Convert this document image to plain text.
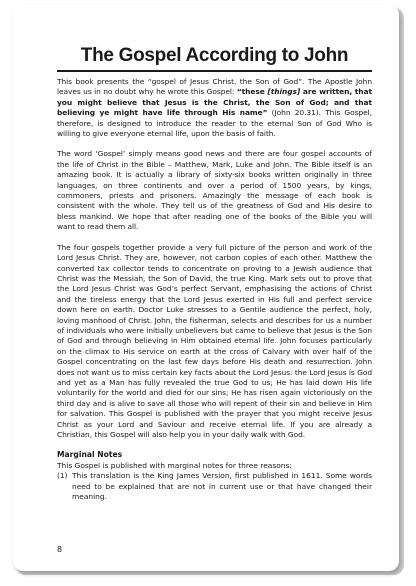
The Gospel According to John

This book presents the “gospel of Jesus Christ, the Son of God”. The Apostle John leaves us in no doubt why he wrote this Gospel: “these [things] are written, that you might believe that Jesus is the Christ, the Son of God; and that believing ye might have life through His name” (John 20.31). This Gospel, therefore, is designed to introduce the reader to the eternal Son of God Who is willing to give everyone eternal life, upon the basis of faith.

The word ‘Gospel’ simply means good news and there are four gospel accounts of the life of Christ in the Bible – Matthew, Mark, Luke and John. The Bible itself is an amazing book. It is actually a library of sixty-six books written originally in three languages, on three continents and over a period of 1500 years, by kings, commoners, priests and prisoners. Amazingly the message of each book is consistent with the whole. They tell us of the greatness of God and His desire to bless mankind. We hope that after reading one of the books of the Bible you will want to read them all.

The four gospels together provide a very full picture of the person and work of the Lord Jesus Christ. They are, however, not carbon copies of each other. Matthew the converted tax collector tends to concentrate on proving to a Jewish audience that Christ was the Messiah, the Son of David, the true King. Mark sets out to prove that the Lord Jesus Christ was God’s perfect Servant, emphasising the actions of Christ and the tireless energy that the Lord Jesus exerted in His full and perfect service down here on earth. Doctor Luke stresses to a Gentile audience the perfect, holy, loving manhood of Christ. John, the fisherman, selects and describes for us a number of individuals who were initially unbelievers but came to believe that Jesus is the Son of God and through believing in Him obtained eternal life. John focuses particularly on the climax to His service on earth at the cross of Calvary with over half of the Gospel concentrating on the last few days before His death and resurrection. John does not want us to miss certain key facts about the Lord Jesus: the Lord Jesus is God and yet as a Man has fully revealed the true God to us; He has laid down His life voluntarily for the world and died for our sins; He has risen again victoriously on the third day and is alive to save all those who will repent of their sin and believe in Him for salvation. This Gospel is published with the prayer that you might receive Jesus Christ as your Lord and Saviour and receive eternal life. If you are already a Christian, this Gospel will also help you in your daily walk with God.

Marginal Notes
This Gospel is published with marginal notes for three reasons:
(1) This translation is the King James Version, first published in 1611. Some words need to be explained that are not in current use or that have changed their meaning.
8
